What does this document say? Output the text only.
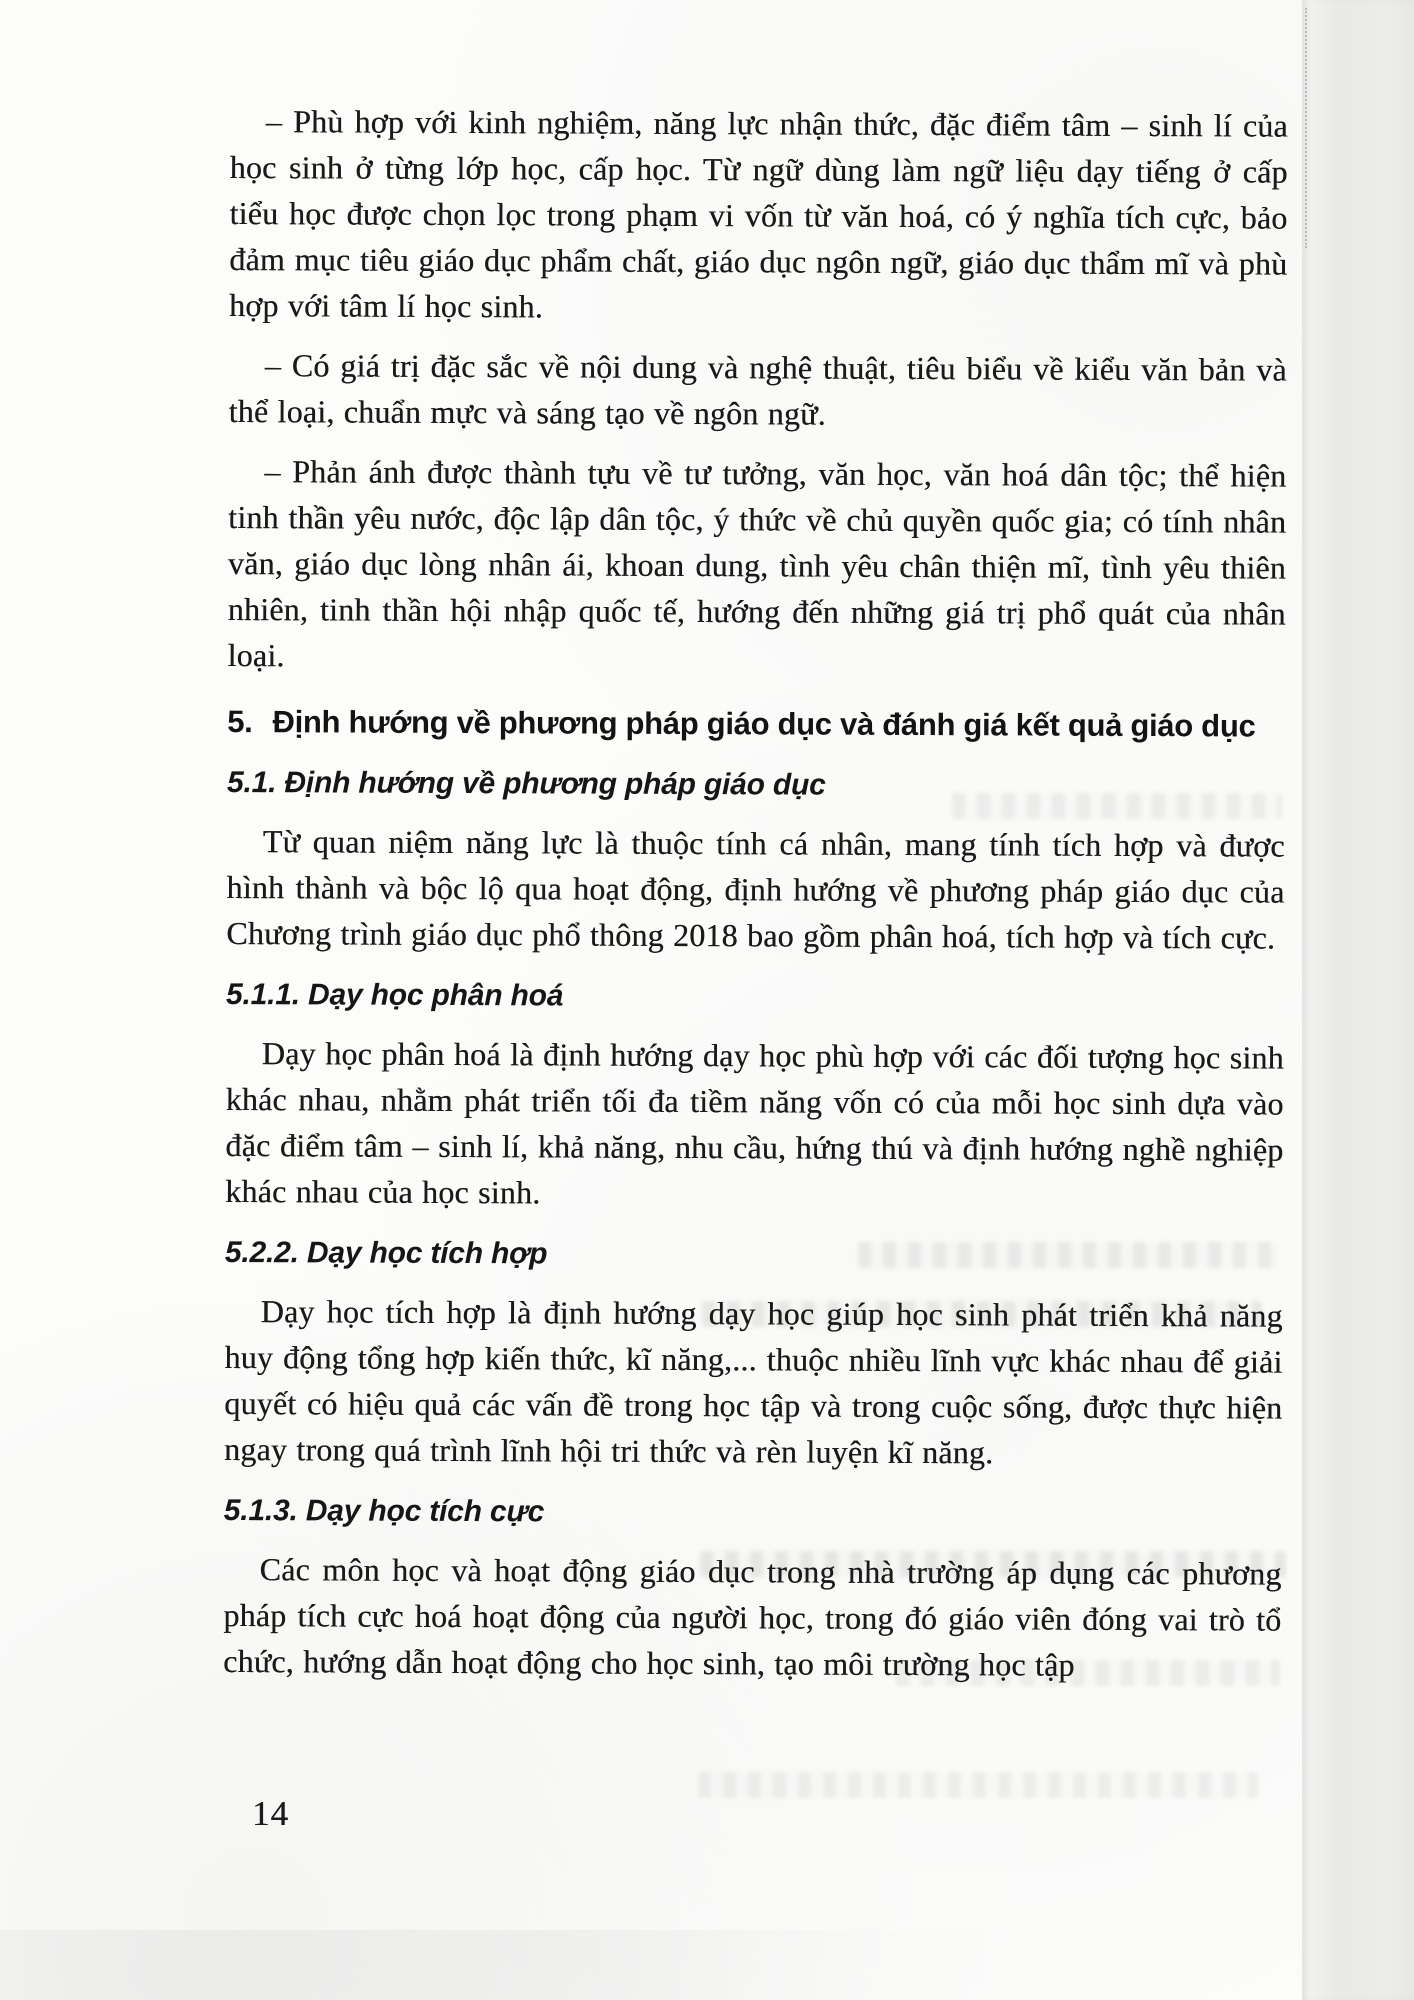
– Phù hợp với kinh nghiệm, năng lực nhận thức, đặc điểm tâm – sinh lí của học sinh ở từng lớp học, cấp học. Từ ngữ dùng làm ngữ liệu dạy tiếng ở cấp tiểu học được chọn lọc trong phạm vi vốn từ văn hoá, có ý nghĩa tích cực, bảo đảm mục tiêu giáo dục phẩm chất, giáo dục ngôn ngữ, giáo dục thẩm mĩ và phù hợp với tâm lí học sinh.

– Có giá trị đặc sắc về nội dung và nghệ thuật, tiêu biểu về kiểu văn bản và thể loại, chuẩn mực và sáng tạo về ngôn ngữ.

– Phản ánh được thành tựu về tư tưởng, văn học, văn hoá dân tộc; thể hiện tinh thần yêu nước, độc lập dân tộc, ý thức về chủ quyền quốc gia; có tính nhân văn, giáo dục lòng nhân ái, khoan dung, tình yêu chân thiện mĩ, tình yêu thiên nhiên, tinh thần hội nhập quốc tế, hướng đến những giá trị phổ quát của nhân loại.

5. Định hướng về phương pháp giáo dục và đánh giá kết quả giáo dục
5.1. Định hướng về phương pháp giáo dục

Từ quan niệm năng lực là thuộc tính cá nhân, mang tính tích hợp và được hình thành và bộc lộ qua hoạt động, định hướng về phương pháp giáo dục của Chương trình giáo dục phổ thông 2018 bao gồm phân hoá, tích hợp và tích cực.

5.1.1. Dạy học phân hoá

Dạy học phân hoá là định hướng dạy học phù hợp với các đối tượng học sinh khác nhau, nhằm phát triển tối đa tiềm năng vốn có của mỗi học sinh dựa vào đặc điểm tâm – sinh lí, khả năng, nhu cầu, hứng thú và định hướng nghề nghiệp khác nhau của học sinh.

5.2.2. Dạy học tích hợp

Dạy học tích hợp là định hướng dạy học giúp học sinh phát triển khả năng huy động tổng hợp kiến thức, kĩ năng,... thuộc nhiều lĩnh vực khác nhau để giải quyết có hiệu quả các vấn đề trong học tập và trong cuộc sống, được thực hiện ngay trong quá trình lĩnh hội tri thức và rèn luyện kĩ năng.

5.1.3. Dạy học tích cực

Các môn học và hoạt động giáo dục trong nhà trường áp dụng các phương pháp tích cực hoá hoạt động của người học, trong đó giáo viên đóng vai trò tổ chức, hướng dẫn hoạt động cho học sinh, tạo môi trường học tập

14
